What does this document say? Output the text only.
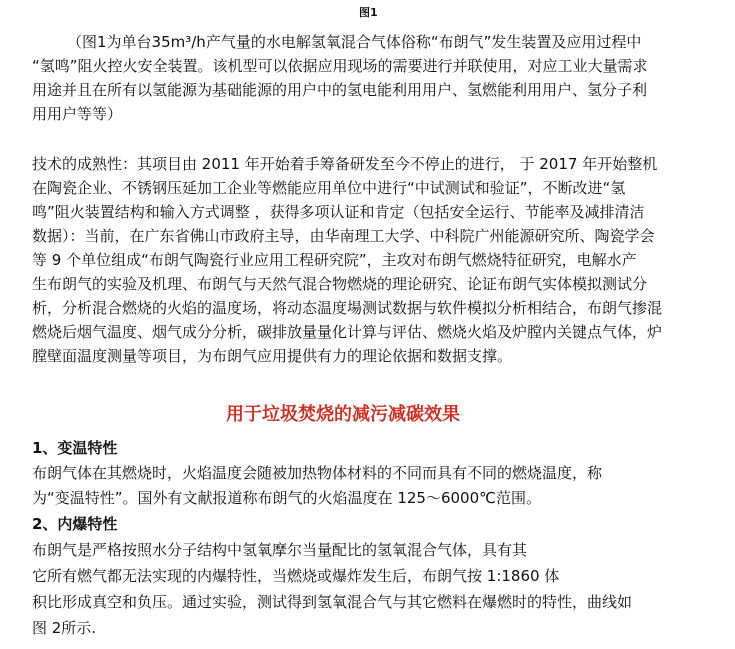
图1

（图1为单台35m³/h产气量的水电解氢氧混合气体俗称“布朗气”发生装置及应用过程中

“氢鸣”阻火控火安全装置。该机型可以依据应用现场的需要进行并联使用，对应工业大量需求

用途并且在所有以氢能源为基础能源的用户中的氢电能利用用户、氢燃能利用用户、氢分子利

用用户等等）

技术的成熟性：其项目由 2011 年开始着手筹备研发至今不停止的进行， 于 2017 年开始整机

在陶瓷企业、不锈钢压延加工企业等燃能应用单位中进行“中试测试和验证”，不断改进“氢

鸣”阻火装置结构和输入方式调整 ，获得多项认证和肯定（包括安全运行、节能率及减排清洁

数据）：当前，在广东省佛山市政府主导，由华南理工大学、中科院广州能源研究所、陶瓷学会

等 9 个单位组成“布朗气陶瓷行业应用工程研究院”，主攻对布朗气燃烧特征研究，电解水产

生布朗气的实验及机理、布朗气与天然气混合物燃烧的理论研究、论证布朗气实体模拟测试分

析，分析混合燃烧的火焰的温度场，将动态温度場测试数据与软件模拟分析相结合，布朗气掺混

燃烧后烟气温度、烟气成分分析，碳排放量量化计算与评估、燃烧火焰及炉膛内关键点气体，炉

膛壁面温度测量等项目，为布朗气应用提供有力的理论依据和数据支撑。

用于垃圾焚烧的减污减碳效果
1、变温特性

布朗气体在其燃烧时，火焰温度会随被加热物体材料的不同而具有不同的燃烧温度，称

为“变温特性”。国外有文献报道称布朗气的火焰温度在 125～6000℃范围。

2、内爆特性

布朗气是严格按照水分子结构中氢氧摩尔当量配比的氢氧混合气体，具有其

它所有燃气都无法实现的内爆特性，当燃烧或爆炸发生后，布朗气按 1:1860 体

积比形成真空和负压。通过实验，测试得到氢氧混合气与其它燃料在爆燃时的特性，曲线如

图 2所示.
